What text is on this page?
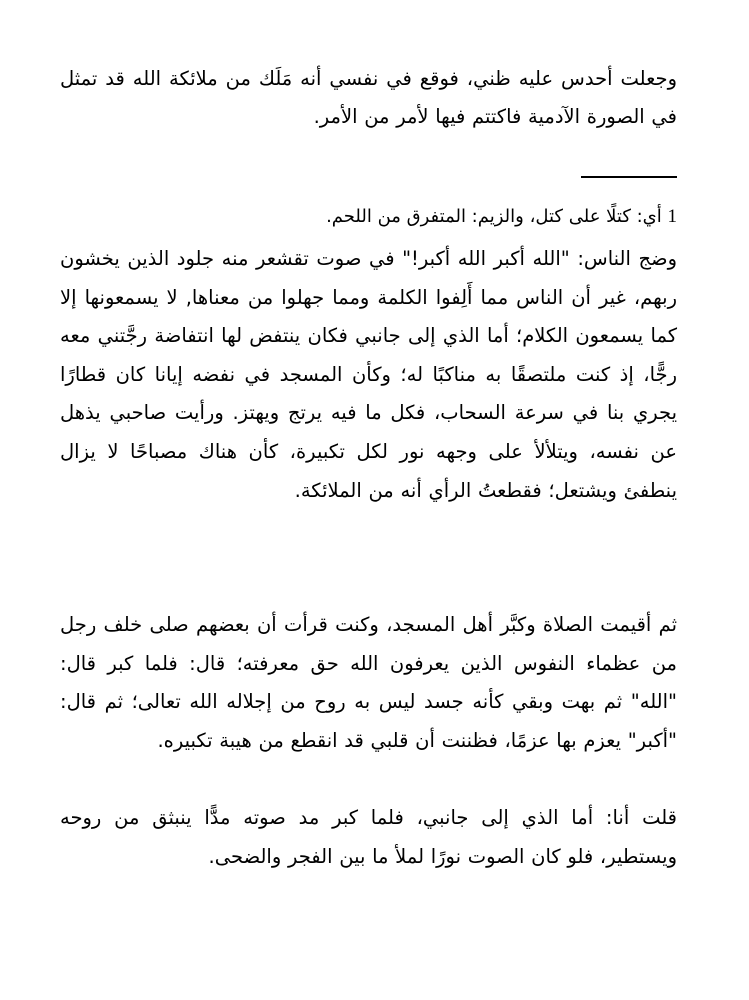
وجعلت أحدس عليه ظني، فوقع في نفسي أنه مَلَك من ملائكة الله قد تمثل في الصورة الآدمية فاكتتم فيها لأمر من الأمر.

1 أي: كتلًا على كتل، والزيم: المتفرق من اللحم.

وضج الناس: "الله أكبر الله أكبر!" في صوت تقشعر منه جلود الذين يخشون ربهم، غير أن الناس مما أَلِفوا الكلمة ومما جهلوا من معناها, لا يسمعونها إلا كما يسمعون الكلام؛ أما الذي إلى جانبي فكان ينتفض لها انتفاضة رجَّتني معه رجًّا، إذ كنت ملتصقًا به مناكبًا له؛ وكأن المسجد في نفضه إيانا كان قطارًا يجري بنا في سرعة السحاب، فكل ما فيه يرتج ويهتز. ورأيت صاحبي يذهل عن نفسه، ويتلألأ على وجهه نور لكل تكبيرة، كأن هناك مصباحًا لا يزال ينطفئ ويشتعل؛ فقطعتُ الرأي أنه من الملائكة.

ثم أقيمت الصلاة وكبَّر أهل المسجد، وكنت قرأت أن بعضهم صلى خلف رجل من عظماء النفوس الذين يعرفون الله حق معرفته؛ قال: فلما كبر قال: "الله" ثم بهت وبقي كأنه جسد ليس به روح من إجلاله الله تعالى؛ ثم قال: "أكبر" يعزم بها عزمًا، فظننت أن قلبي قد انقطع من هيبة تكبيره.

قلت أنا: أما الذي إلى جانبي، فلما كبر مد صوته مدًّا ينبثق من روحه ويستطير، فلو كان الصوت نورًا لملأ ما بين الفجر والضحى.
